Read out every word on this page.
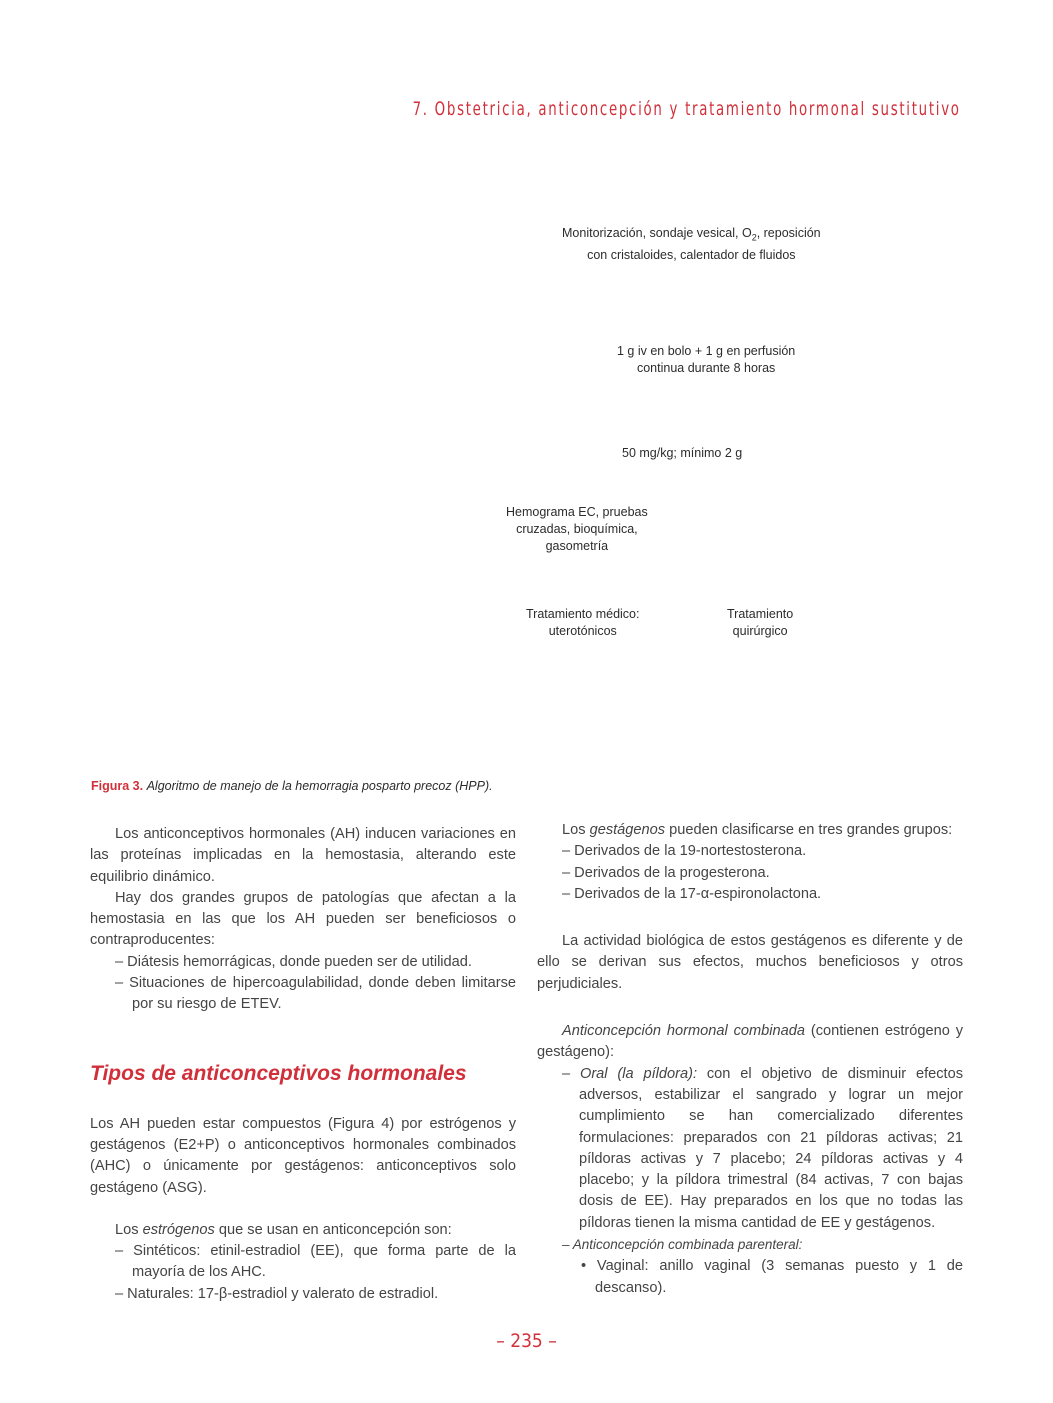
7. Obstetricia, anticoncepción y tratamiento hormonal sustitutivo
Monitorización, sondaje vesical, $O_2$, reposición
con cristaloides, calentador de fluidos
1 g iv en bolo + 1 g en perfusión
continua durante 8 horas
50 mg/kg; mínimo 2 g
Hemograma EC, pruebas
cruzadas, bioquímica,
gasometría
Tratamiento médico:
uterotónicos
Tratamiento
quirúrgico
Figura 3. Algoritmo de manejo de la hemorragia posparto precoz (HPP).

Los anticonceptivos hormonales (AH) inducen variaciones en las proteínas implicadas en la hemostasia, alterando este equilibrio dinámico.

Hay dos grandes grupos de patologías que afectan a la hemostasia en las que los AH pueden ser beneficiosos o contraproducentes:

– Diátesis hemorrágicas, donde pueden ser de utilidad.

– Situaciones de hipercoagulabilidad, donde deben limitarse por su riesgo de ETEV.

Tipos de anticonceptivos hormonales

Los AH pueden estar compuestos (Figura 4) por estrógenos y gestágenos (E2+P) o anticonceptivos hormonales combinados (AHC) o únicamente por gestágenos: anticonceptivos solo gestágeno (ASG).

Los estrógenos que se usan en anticoncepción son:

– Sintéticos: etinil-estradiol (EE), que forma parte de la mayoría de los AHC.

– Naturales: 17-β-estradiol y valerato de estradiol.

Los gestágenos pueden clasificarse en tres grandes grupos:

– Derivados de la 19-nortestosterona.

– Derivados de la progesterona.

– Derivados de la 17-α-espironolactona.

La actividad biológica de estos gestágenos es diferente y de ello se derivan sus efectos, muchos beneficiosos y otros perjudiciales.

Anticoncepción hormonal combinada (contienen estrógeno y gestágeno):

– Oral (la píldora): con el objetivo de disminuir efectos adversos, estabilizar el sangrado y lograr un mejor cumplimiento se han comercializado diferentes formulaciones: preparados con 21 píldoras activas; 21 píldoras activas y 7 placebo; 24 píldoras activas y 4 placebo; y la píldora trimestral (84 activas, 7 con bajas dosis de EE). Hay preparados en los que no todas las píldoras tienen la misma cantidad de EE y gestágenos.

– Anticoncepción combinada parenteral:

• Vaginal: anillo vaginal (3 semanas puesto y 1 de descanso).

– 235 –
